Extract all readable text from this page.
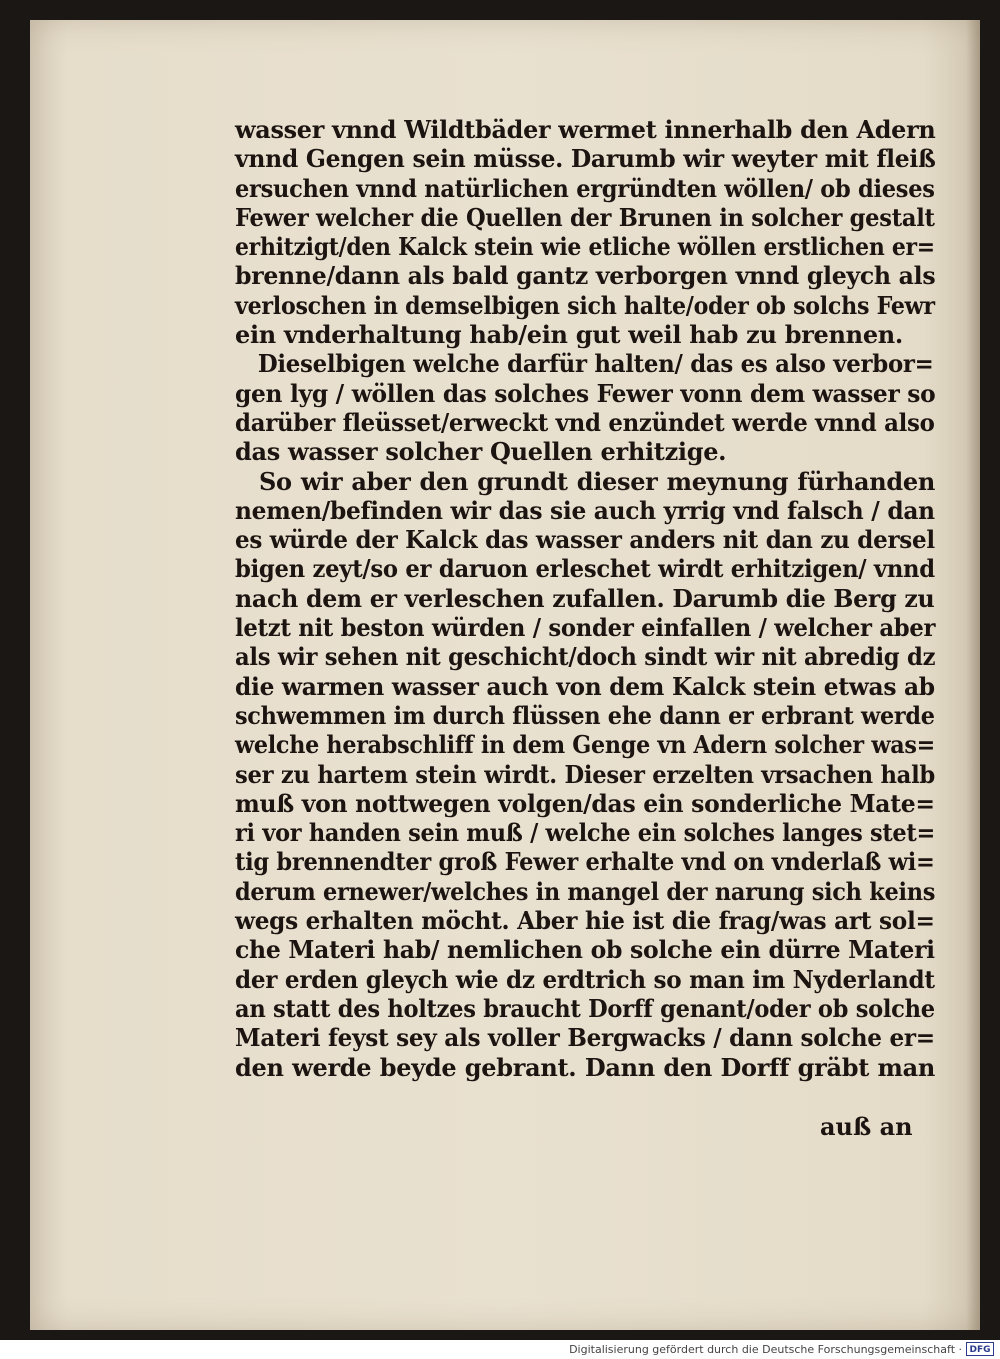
wasser vnnd Wildtbäder wermet innerhalb den Adern
vnnd Gengen sein müsse. Darumb wir weyter mit fleiß
ersuchen vnnd natürlichen ergründten wöllen/ ob dieses
Fewer welcher die Quellen der Brunen in solcher gestalt
erhitzigt/den Kalck stein wie etliche wöllen erstlichen er=
brenne/dann als bald gantz verborgen vnnd gleych als
verloschen in demselbigen sich halte/oder ob solchs Fewr
ein vnderhaltung hab/ein gut weil hab zu brennen.
Dieselbigen welche darfür halten/ das es also verbor=
gen lyg / wöllen das solches Fewer vonn dem wasser so
darüber fleüsset/erweckt vnd enzündet werde vnnd also
das wasser solcher Quellen erhitzige.
So wir aber den grundt dieser meynung fürhanden
nemen/befinden wir das sie auch yrrig vnd falsch / dan
es würde der Kalck das wasser anders nit dan zu dersel
bigen zeyt/so er daruon erleschet wirdt erhitzigen/ vnnd
nach dem er verleschen zufallen. Darumb die Berg zu
letzt nit beston würden / sonder einfallen / welcher aber
als wir sehen nit geschicht/doch sindt wir nit abredig dz
die warmen wasser auch von dem Kalck stein etwas ab
schwemmen im durch flüssen ehe dann er erbrant werde
welche herabschliff in dem Genge vn Adern solcher was=
ser zu hartem stein wirdt. Dieser erzelten vrsachen halb
muß von nottwegen volgen/das ein sonderliche Mate=
ri vor handen sein muß / welche ein solches langes stet=
tig brennendter groß Fewer erhalte vnd on vnderlaß wi=
derum ernewer/welches in mangel der narung sich keins
wegs erhalten möcht. Aber hie ist die frag/was art sol=
che Materi hab/ nemlichen ob solche ein dürre Materi
der erden gleych wie dz erdtrich so man im Nyderlandt
an statt des holtzes braucht Dorff genant/oder ob solche
Materi feyst sey als voller Bergwacks / dann solche er=
den werde beyde gebrant. Dann den Dorff gräbt man
auß an
Digitalisierung gefördert durch die Deutsche Forschungsgemeinschaft · DFG
